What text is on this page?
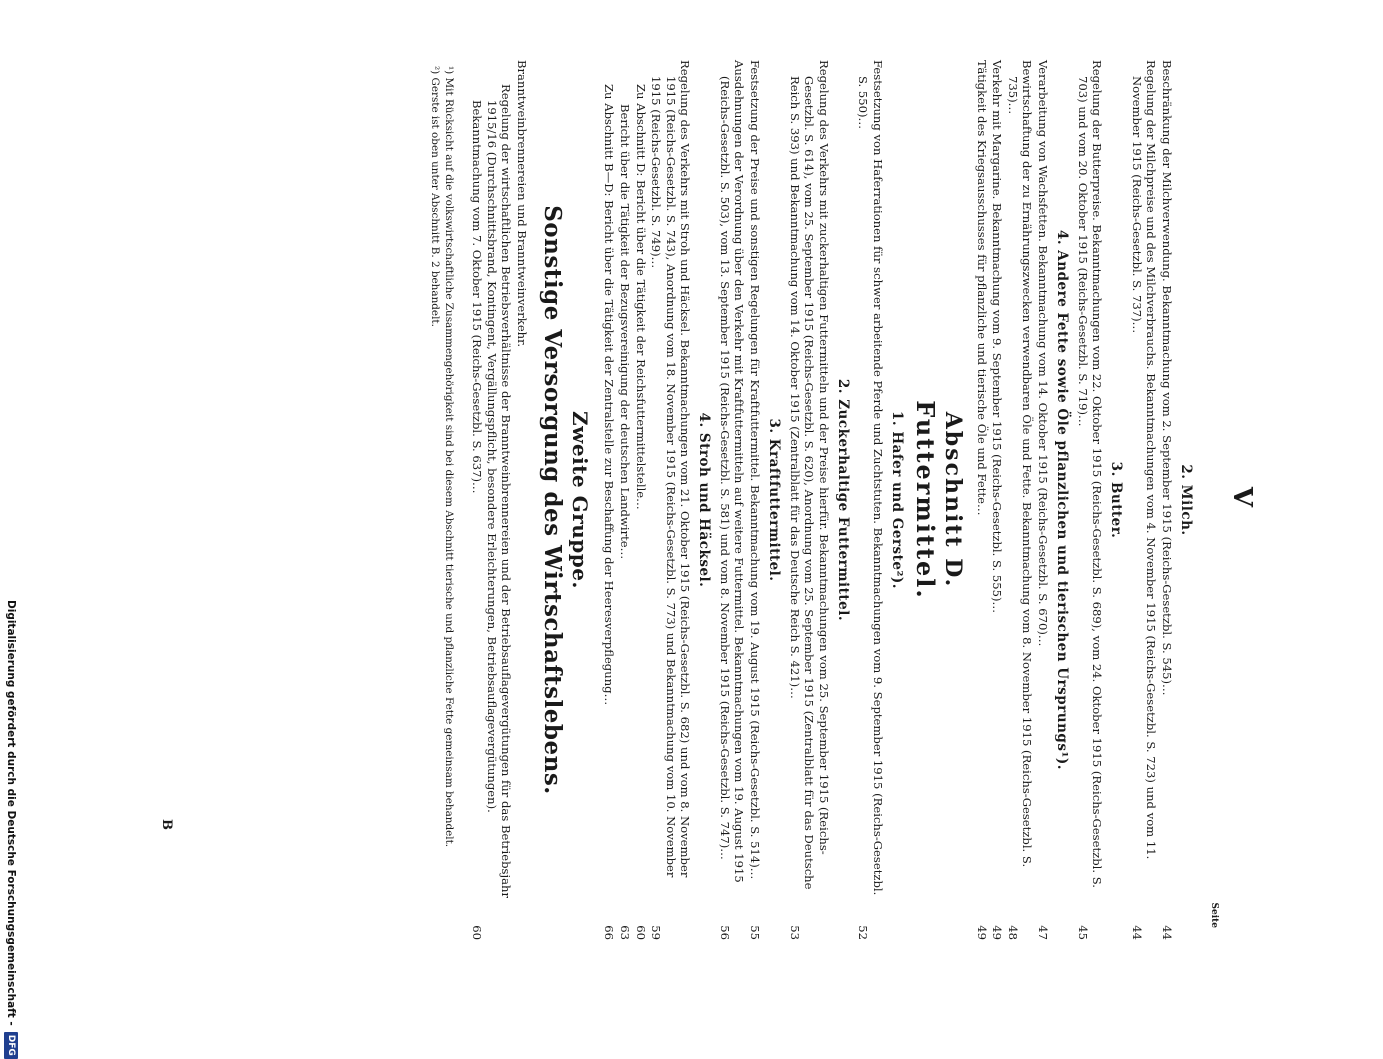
Digitalisierung gefördert durch die Deutsche Forschungsgemeinschaft -
DFG
V
Seite
2. Milch.
Beschränkung der Milchverwendung. Bekanntmachung vom 2. September 1915 (Reichs-Gesetzbl. S. 545)…
44
Regelung der Milchpreise und des Milchverbrauchs. Bekanntmachungen vom 4. November 1915 (Reichs-Gesetzbl. S. 723) und vom 11. November 1915 (Reichs-Gesetzbl. S. 737)…
44
3. Butter.
Regelung der Butterpreise. Bekanntmachungen vom 22. Oktober 1915 (Reichs-Gesetzbl. S. 689), vom 24. Oktober 1915 (Reichs-Gesetzbl. S. 703) und vom 20. Oktober 1915 (Reichs-Gesetzbl. S. 719)…
45
4. Andere Fette sowie Öle pflanzlichen und tierischen Ursprungs¹).
Verarbeitung von Wachsfetten. Bekanntmachung vom 14. Oktober 1915 (Reichs-Gesetzbl. S. 670)…
47
Bewirtschaftung der zu Ernährungszwecken verwendbaren Öle und Fette. Bekanntmachung vom 8. November 1915 (Reichs-Gesetzbl. S. 735)…
48
Verkehr mit Margarine. Bekanntmachung vom 9. September 1915 (Reichs-Gesetzbl. S. 555)…
49
Tätigkeit des Kriegsausschusses für pflanzliche und tierische Öle und Fette…
49
Abschnitt D.
Futtermittel.
1. Hafer und Gerste²).
Festsetzung von Haferrationen für schwer arbeitende Pferde und Zuchtstuten. Bekanntmachungen vom 9. September 1915 (Reichs-Gesetzbl. S. 550)…
52
2. Zuckerhaltige Futtermittel.
Regelung des Verkehrs mit zuckerhaltigen Futtermitteln und der Preise hierfür. Bekanntmachungen vom 25. September 1915 (Reichs-Gesetzbl. S. 614), vom 25. September 1915 (Reichs-Gesetzbl. S. 620), Anordnung vom 25. September 1915 (Zentralblatt für das Deutsche Reich S. 393) und Bekanntmachung vom 14. Oktober 1915 (Zentralblatt für das Deutsche Reich S. 421)…
53
3. Kraftfuttermittel.
Festsetzung der Preise und sonstigen Regelungen für Kraftfuttermittel. Bekanntmachung vom 19. August 1915 (Reichs-Gesetzbl. S. 514)…
55
Ausdehnungen der Verordnung über den Verkehr mit Kraftfuttermitteln auf weitere Futtermittel. Bekanntmachungen vom 19. August 1915 (Reichs-Gesetzbl. S. 503), vom 13. September 1915 (Reichs-Gesetzbl. S. 581) und vom 8. November 1915 (Reichs-Gesetzbl. S. 747)…
56
4. Stroh und Häcksel.
Regelung des Verkehrs mit Stroh und Häcksel. Bekanntmachungen vom 21. Oktober 1915 (Reichs-Gesetzbl. S. 682) und vom 8. November 1915 (Reichs-Gesetzbl. S. 743), Anordnung vom 18. November 1915 (Reichs-Gesetzbl. S. 773) und Bekanntmachung vom 10. November 1915 (Reichs-Gesetzbl. S. 749)…
59
Zu Abschnitt D: Bericht über die Tätigkeit der Reichsfuttermittelstelle…
60
Bericht über die Tätigkeit der Bezugsvereinigung der deutschen Landwirte…
63
Zu Abschnitt B—D: Bericht über die Tätigkeit der Zentralstelle zur Beschaffung der Heeresverpflegung…
66
Zweite Gruppe.
Sonstige Versorgung des Wirtschaftslebens.
Branntweinbrennereien und Branntweinverkehr.
Regelung der wirtschaftlichen Betriebsverhältnisse der Branntweinbrennereien und der Betriebsauflagevergütungen für das Betriebsjahr 1915/16 (Durchschnittsbrand, Kontingent, Vergällungspflicht, besondere Erleichterungen, Betriebsauflagevergütungen). Bekanntmachung vom 7. Oktober 1915 (Reichs-Gesetzbl. S. 637)…
60
¹) Mit Rücksicht auf die volkswirtschaftliche Zusammengehörigkeit sind bei diesem Abschnitt tierische und pflanzliche Fette gemeinsam behandelt.
²) Gerste ist oben unter Abschnitt B. 2 behandelt.
B
